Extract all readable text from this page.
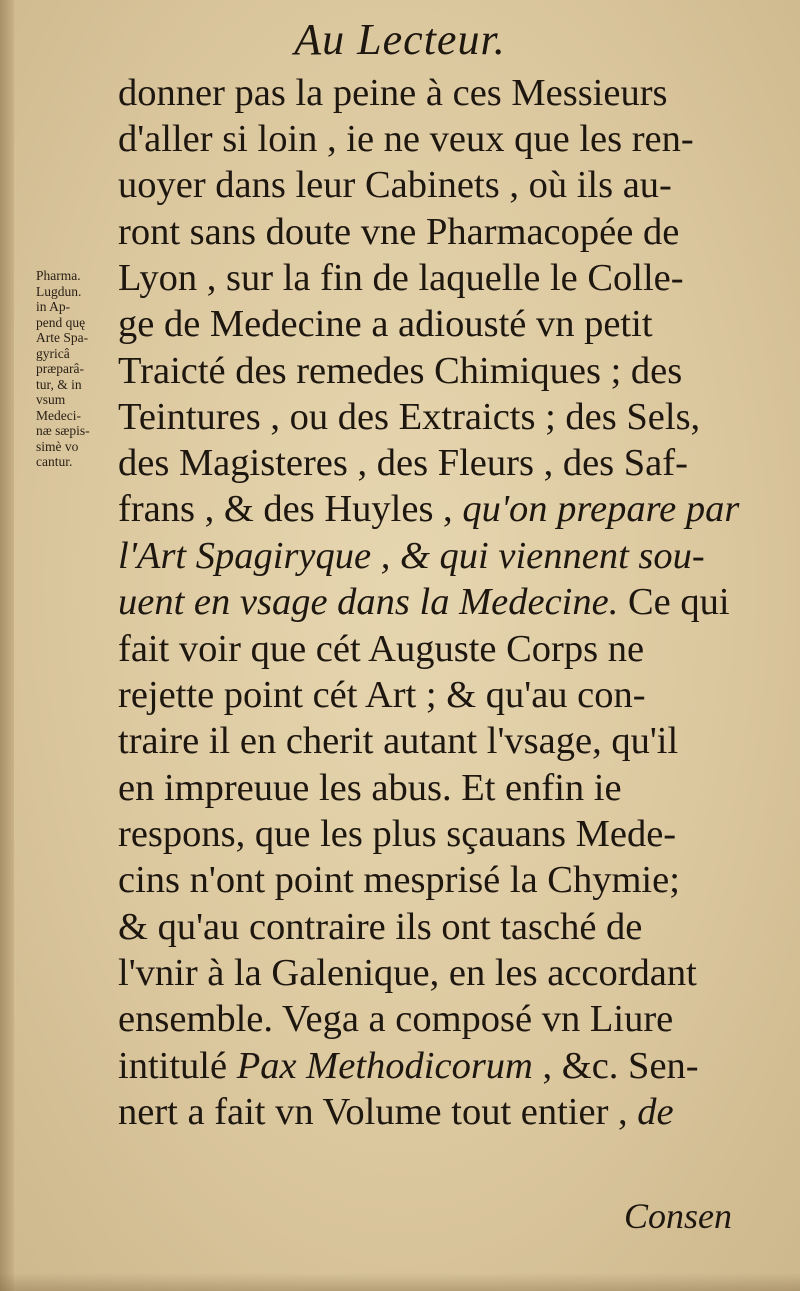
Au Lecteur.
Pharma.
Lugdun.
in Ap-
pend quę
Arte Spa-
gyricâ
præparâ-
tur, & in
vsum
Medeci-
næ sæpis-
simè vo
cantur.
donner pas la peine à ces Messieurs
d'aller si loin , ie ne veux que les ren-
uoyer dans leur Cabinets , où ils au-
ront sans doute vne Pharmacopée de
Lyon , sur la fin de laquelle le Colle-
ge de Medecine a adiousté vn petit
Traicté des remedes Chimiques ; des
Teintures , ou des Extraicts ; des Sels,
des Magisteres , des Fleurs , des Saf-
frans , & des Huyles , qu'on prepare par
l'Art Spagiryque , & qui viennent sou-
uent en vsage dans la Medecine. Ce qui
fait voir que cét Auguste Corps ne
rejette point cét Art ; & qu'au con-
traire il en cherit autant l'vsage, qu'il
en impreuue les abus. Et enfin ie
respons, que les plus sçauans Mede-
cins n'ont point mesprisé la Chymie;
& qu'au contraire ils ont tasché de
l'vnir à la Galenique, en les accordant
ensemble. Vega a composé vn Liure
intitulé Pax Methodicorum , &c. Sen-
nert a fait vn Volume tout entier , de
Consen
